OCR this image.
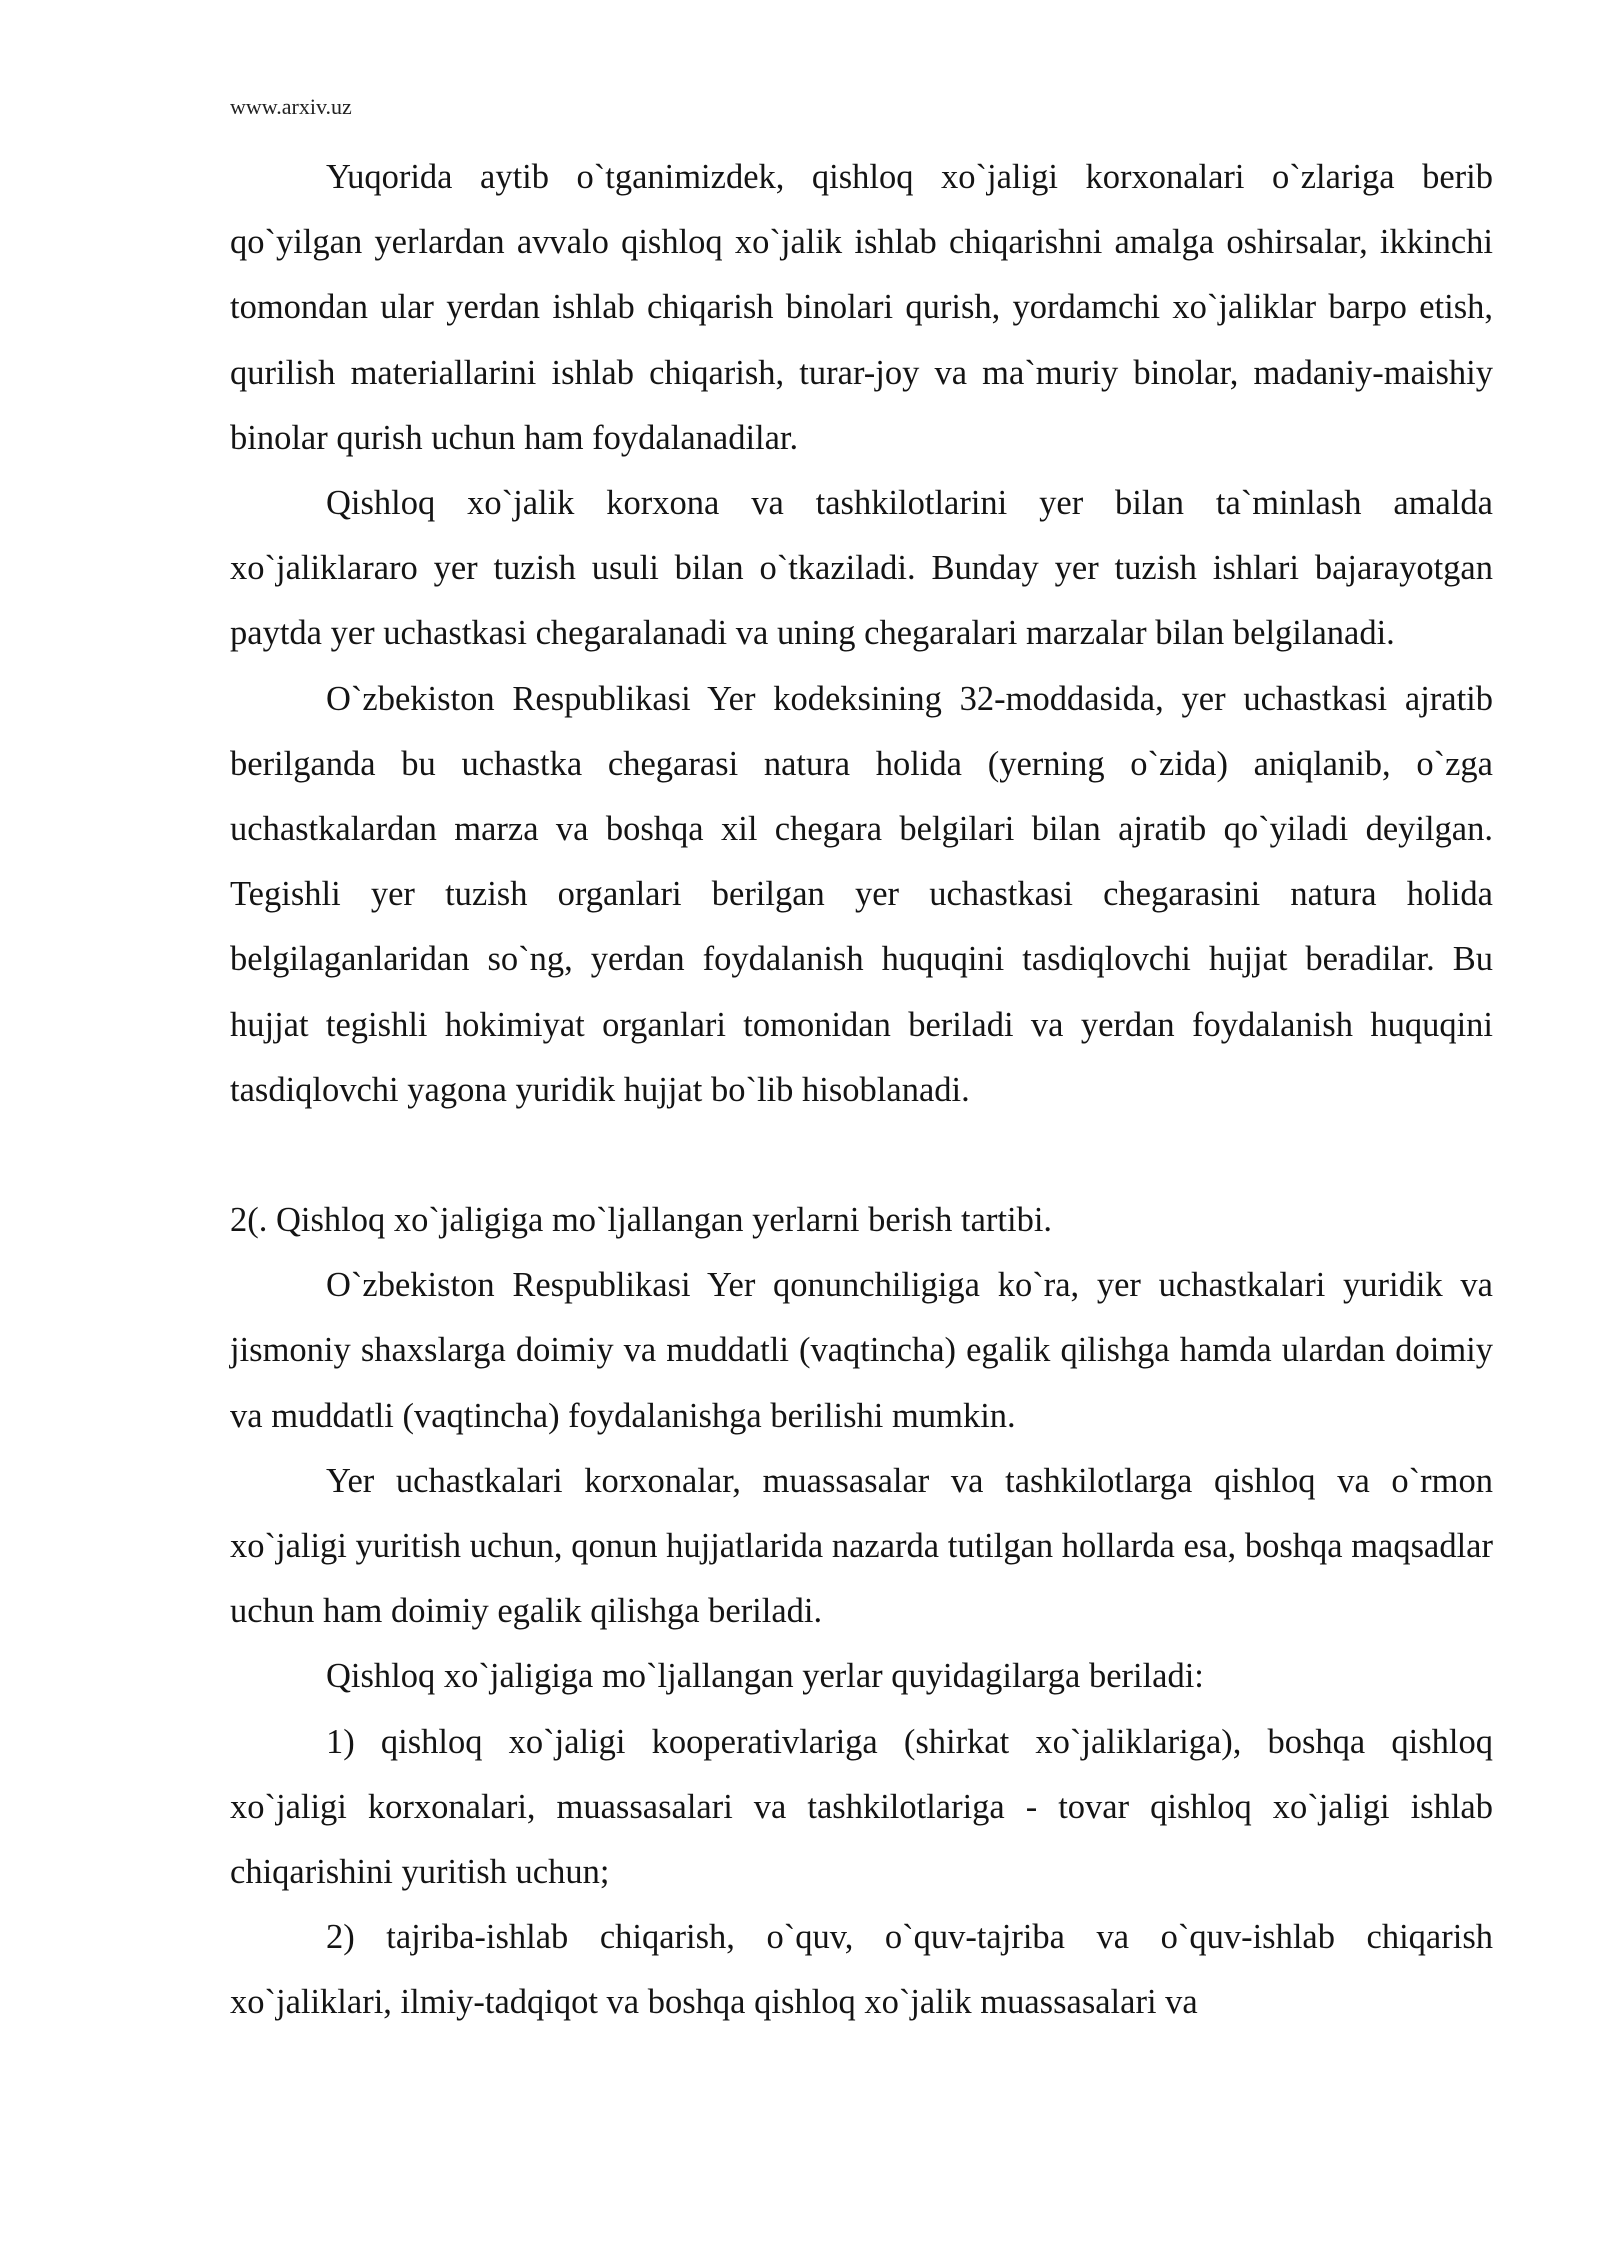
www.arxiv.uz

Yuqorida aytib o`tganimizdek, qishloq xo`jaligi korxonalari o`zlariga berib qo`yilgan yerlardan avvalo qishloq xo`jalik ishlab chiqarishni amalga oshirsalar, ikkinchi tomondan ular yerdan ishlab chiqarish binolari qurish, yordamchi xo`jaliklar barpo etish, qurilish materiallarini ishlab chiqarish, turar-joy va ma`muriy binolar, madaniy-maishiy binolar qurish uchun ham foydalanadilar.

Qishloq xo`jalik korxona va tashkilotlarini yer bilan ta`minlash amalda xo`jaliklararo yer tuzish usuli bilan o`tkaziladi. Bunday yer tuzish ishlari bajarayotgan paytda yer uchastkasi chegaralanadi va uning chegaralari marzalar bilan belgilanadi.

O`zbekiston Respublikasi Yer kodeksining 32-moddasida, yer uchastkasi ajratib berilganda bu uchastka chegarasi natura holida (yerning o`zida) aniqlanib, o`zga uchastkalardan marza va boshqa xil chegara belgilari bilan ajratib qo`yiladi deyilgan. Tegishli yer tuzish organlari berilgan yer uchastkasi chegarasini natura holida belgilaganlaridan so`ng, yerdan foydalanish huquqini tasdiqlovchi hujjat beradilar. Bu hujjat tegishli hokimiyat organlari tomonidan beriladi va yerdan foydalanish huquqini tasdiqlovchi yagona yuridik hujjat bo`lib hisoblanadi.

2(. Qishloq xo`jaligiga mo`ljallangan yerlarni berish tartibi.

O`zbekiston Respublikasi Yer qonunchiligiga ko`ra, yer uchastkalari yuridik va jismoniy shaxslarga doimiy va muddatli (vaqtincha) egalik qilishga hamda ulardan doimiy va muddatli (vaqtincha) foydalanishga berilishi mumkin.

Yer uchastkalari korxonalar, muassasalar va tashkilotlarga qishloq va o`rmon xo`jaligi yuritish uchun, qonun hujjatlarida nazarda tutilgan hollarda esa, boshqa maqsadlar uchun ham doimiy egalik qilishga beriladi.

Qishloq xo`jaligiga mo`ljallangan yerlar quyidagilarga beriladi:

1) qishloq xo`jaligi kooperativlariga (shirkat xo`jaliklariga), boshqa qishloq xo`jaligi korxonalari, muassasalari va tashkilotlariga - tovar qishloq xo`jaligi ishlab chiqarishini yuritish uchun;

2) tajriba-ishlab chiqarish, o`quv, o`quv-tajriba va o`quv-ishlab chiqarish xo`jaliklari, ilmiy-tadqiqot va boshqa qishloq xo`jalik muassasalari va
